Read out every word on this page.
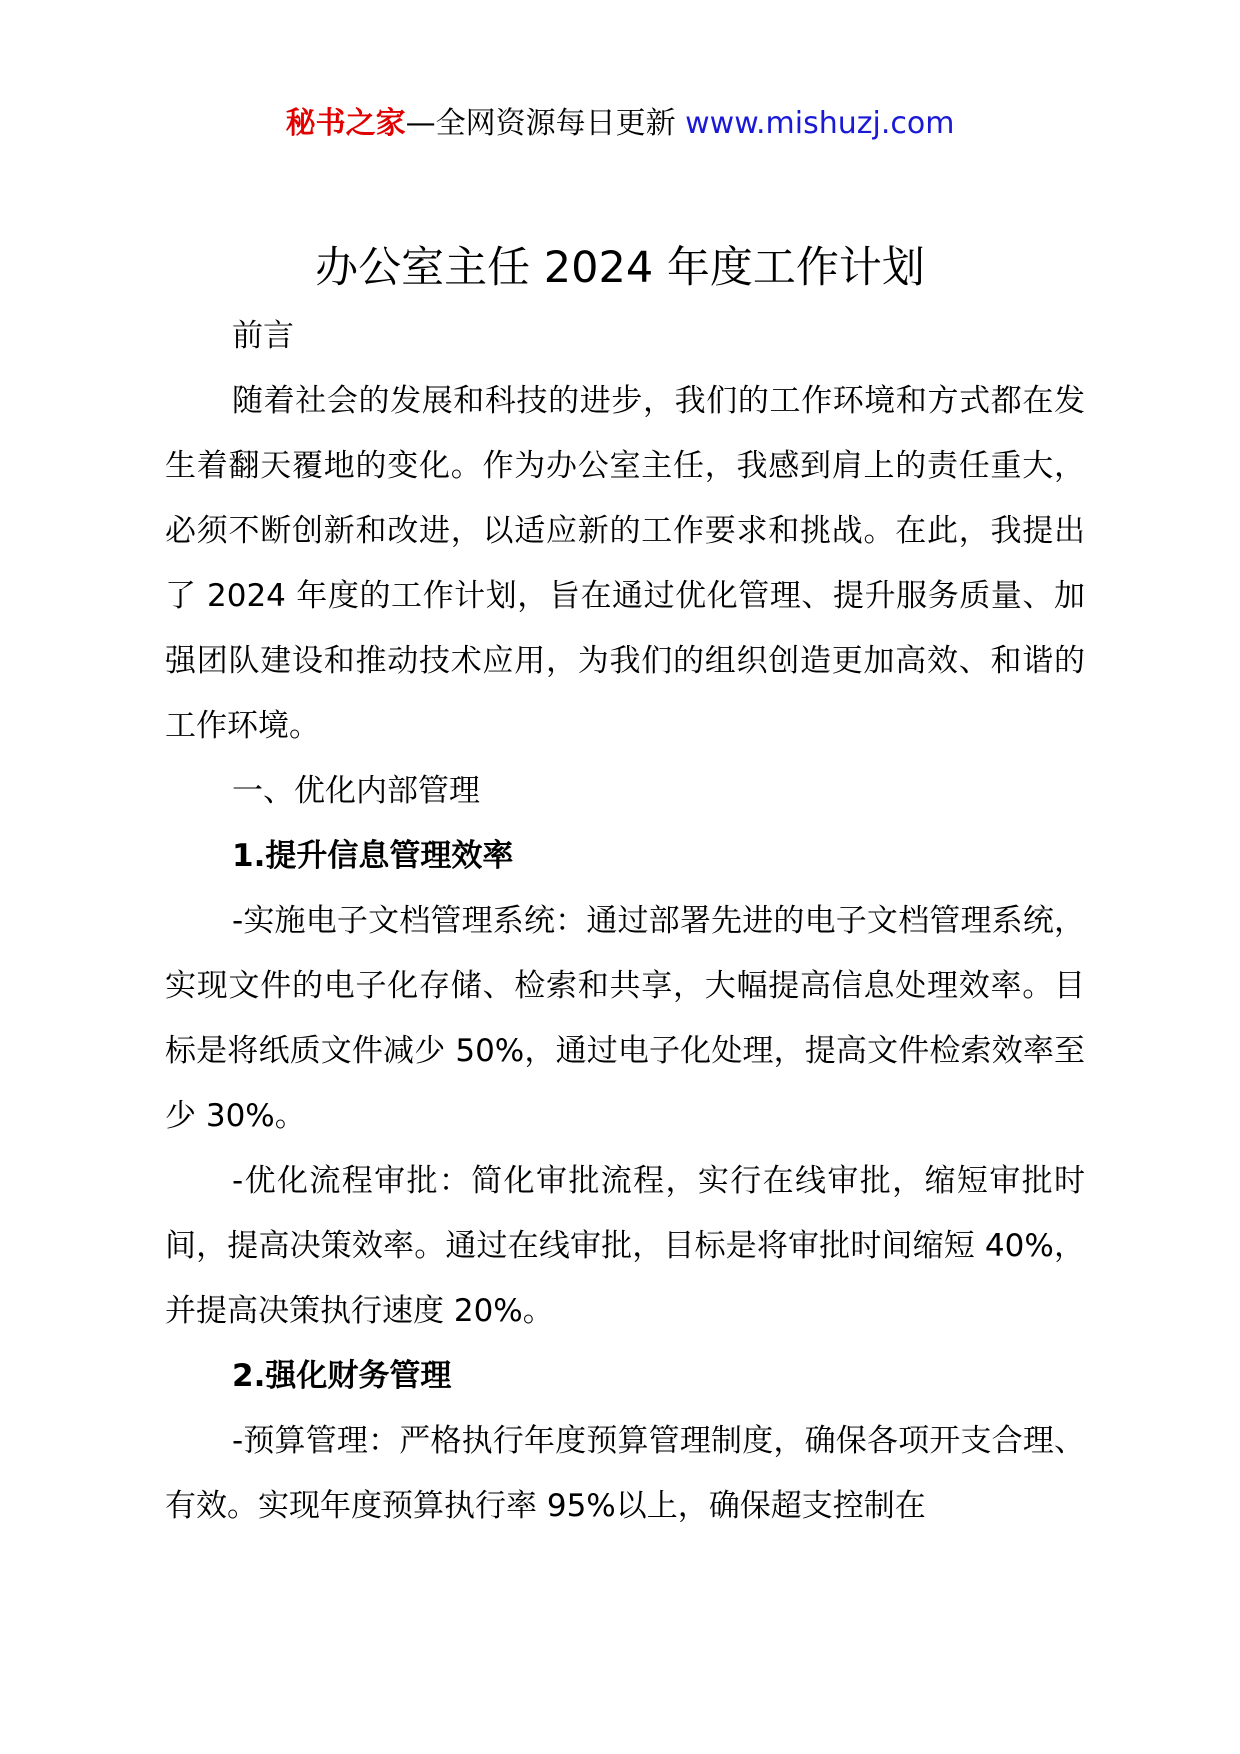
秘书之家—全网资源每日更新 www.mishuzj.com
办公室主任 2024 年度工作计划

前言

随着社会的发展和科技的进步，我们的工作环境和方式都在发生着翻天覆地的变化。作为办公室主任，我感到肩上的责任重大，必须不断创新和改进，以适应新的工作要求和挑战。在此，我提出了 2024 年度的工作计划，旨在通过优化管理、提升服务质量、加强团队建设和推动技术应用，为我们的组织创造更加高效、和谐的工作环境。

一、优化内部管理

1.提升信息管理效率

-实施电子文档管理系统：通过部署先进的电子文档管理系统，实现文件的电子化存储、检索和共享，大幅提高信息处理效率。目标是将纸质文件减少 50%，通过电子化处理，提高文件检索效率至少 30%。

-优化流程审批：简化审批流程，实行在线审批，缩短审批时间，提高决策效率。通过在线审批，目标是将审批时间缩短 40%，并提高决策执行速度 20%。

2.强化财务管理

-预算管理：严格执行年度预算管理制度，确保各项开支合理、有效。实现年度预算执行率 95%以上，确保超支控制在
